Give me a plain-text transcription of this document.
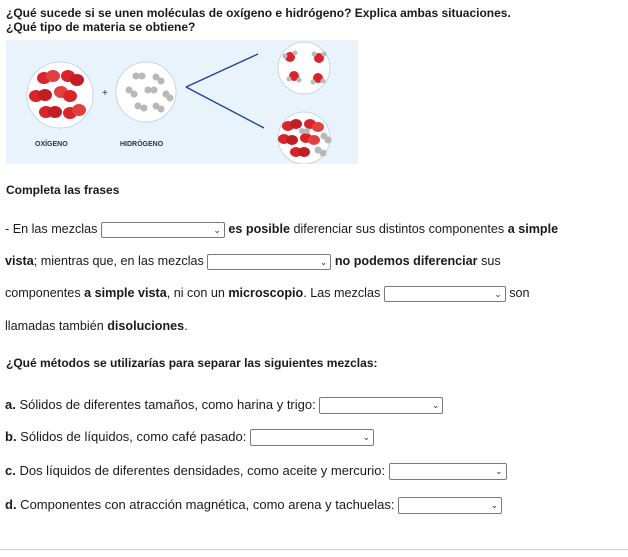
¿Qué sucede si se unen moléculas de oxígeno e hidrógeno? Explica ambas situaciones.
¿Qué tipo de materia se obtiene?
+
OXÍGENO	HIDRÓGENO
Completa las frases
- En las mezclas	⌄ es posible diferenciar sus distintos componentes a simple
vista; mientras que, en las mezclas	⌄ no podemos diferenciar sus
componentes a simple vista, ni con un microscopio. Las mezclas	⌄ son
llamadas también disoluciones.
¿Qué métodos se utilizarías para separar las siguientes mezclas:
a. Sólidos de diferentes tamaños, como harina y trigo:	⌄
b. Sólidos de líquidos, como café pasado:	⌄
c. Dos líquidos de diferentes densidades, como aceite y mercurio:	⌄
d. Componentes con atracción magnética, como arena y tachuelas:	⌄
